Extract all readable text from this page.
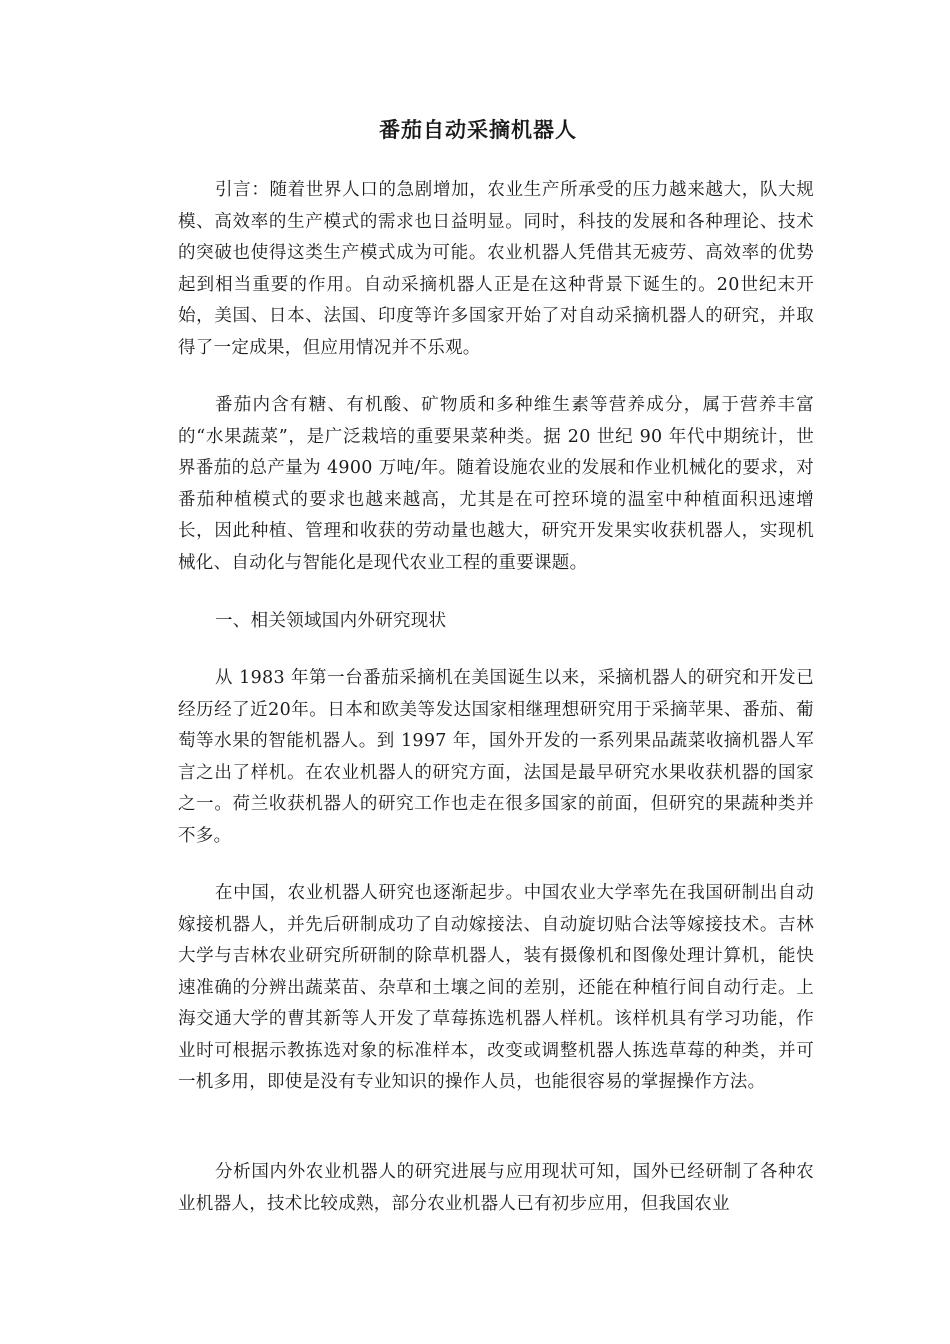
番茄自动采摘机器人

引言：随着世界人口的急剧增加，农业生产所承受的压力越来越大，队大规模、高效率的生产模式的需求也日益明显。同时，科技的发展和各种理论、技术的突破也使得这类生产模式成为可能。农业机器人凭借其无疲劳、高效率的优势起到相当重要的作用。自动采摘机器人正是在这种背景下诞生的。20世纪末开始，美国、日本、法国、印度等许多国家开始了对自动采摘机器人的研究，并取得了一定成果，但应用情况并不乐观。

番茄内含有糖、有机酸、矿物质和多种维生素等营养成分，属于营养丰富的“水果蔬菜”，是广泛栽培的重要果菜种类。据 20 世纪 90 年代中期统计，世界番茄的总产量为 4900 万吨/年。随着设施农业的发展和作业机械化的要求，对番茄种植模式的要求也越来越高，尤其是在可控环境的温室中种植面积迅速增长，因此种植、管理和收获的劳动量也越大，研究开发果实收获机器人，实现机械化、自动化与智能化是现代农业工程的重要课题。

一、相关领域国内外研究现状

从 1983 年第一台番茄采摘机在美国诞生以来，采摘机器人的研究和开发已经历经了近20年。日本和欧美等发达国家相继理想研究用于采摘苹果、番茄、葡萄等水果的智能机器人。到 1997 年，国外开发的一系列果品蔬菜收摘机器人军言之出了样机。在农业机器人的研究方面，法国是最早研究水果收获机器的国家之一。荷兰收获机器人的研究工作也走在很多国家的前面，但研究的果蔬种类并不多。

在中国，农业机器人研究也逐渐起步。中国农业大学率先在我国研制出自动嫁接机器人，并先后研制成功了自动嫁接法、自动旋切贴合法等嫁接技术。吉林大学与吉林农业研究所研制的除草机器人，装有摄像机和图像处理计算机，能快速准确的分辨出蔬菜苗、杂草和土壤之间的差别，还能在种植行间自动行走。上海交通大学的曹其新等人开发了草莓拣选机器人样机。该样机具有学习功能，作业时可根据示教拣选对象的标准样本，改变或调整机器人拣选草莓的种类，并可一机多用，即使是没有专业知识的操作人员，也能很容易的掌握操作方法。

分析国内外农业机器人的研究进展与应用现状可知，国外已经研制了各种农业机器人，技术比较成熟，部分农业机器人已有初步应用，但我国农业
